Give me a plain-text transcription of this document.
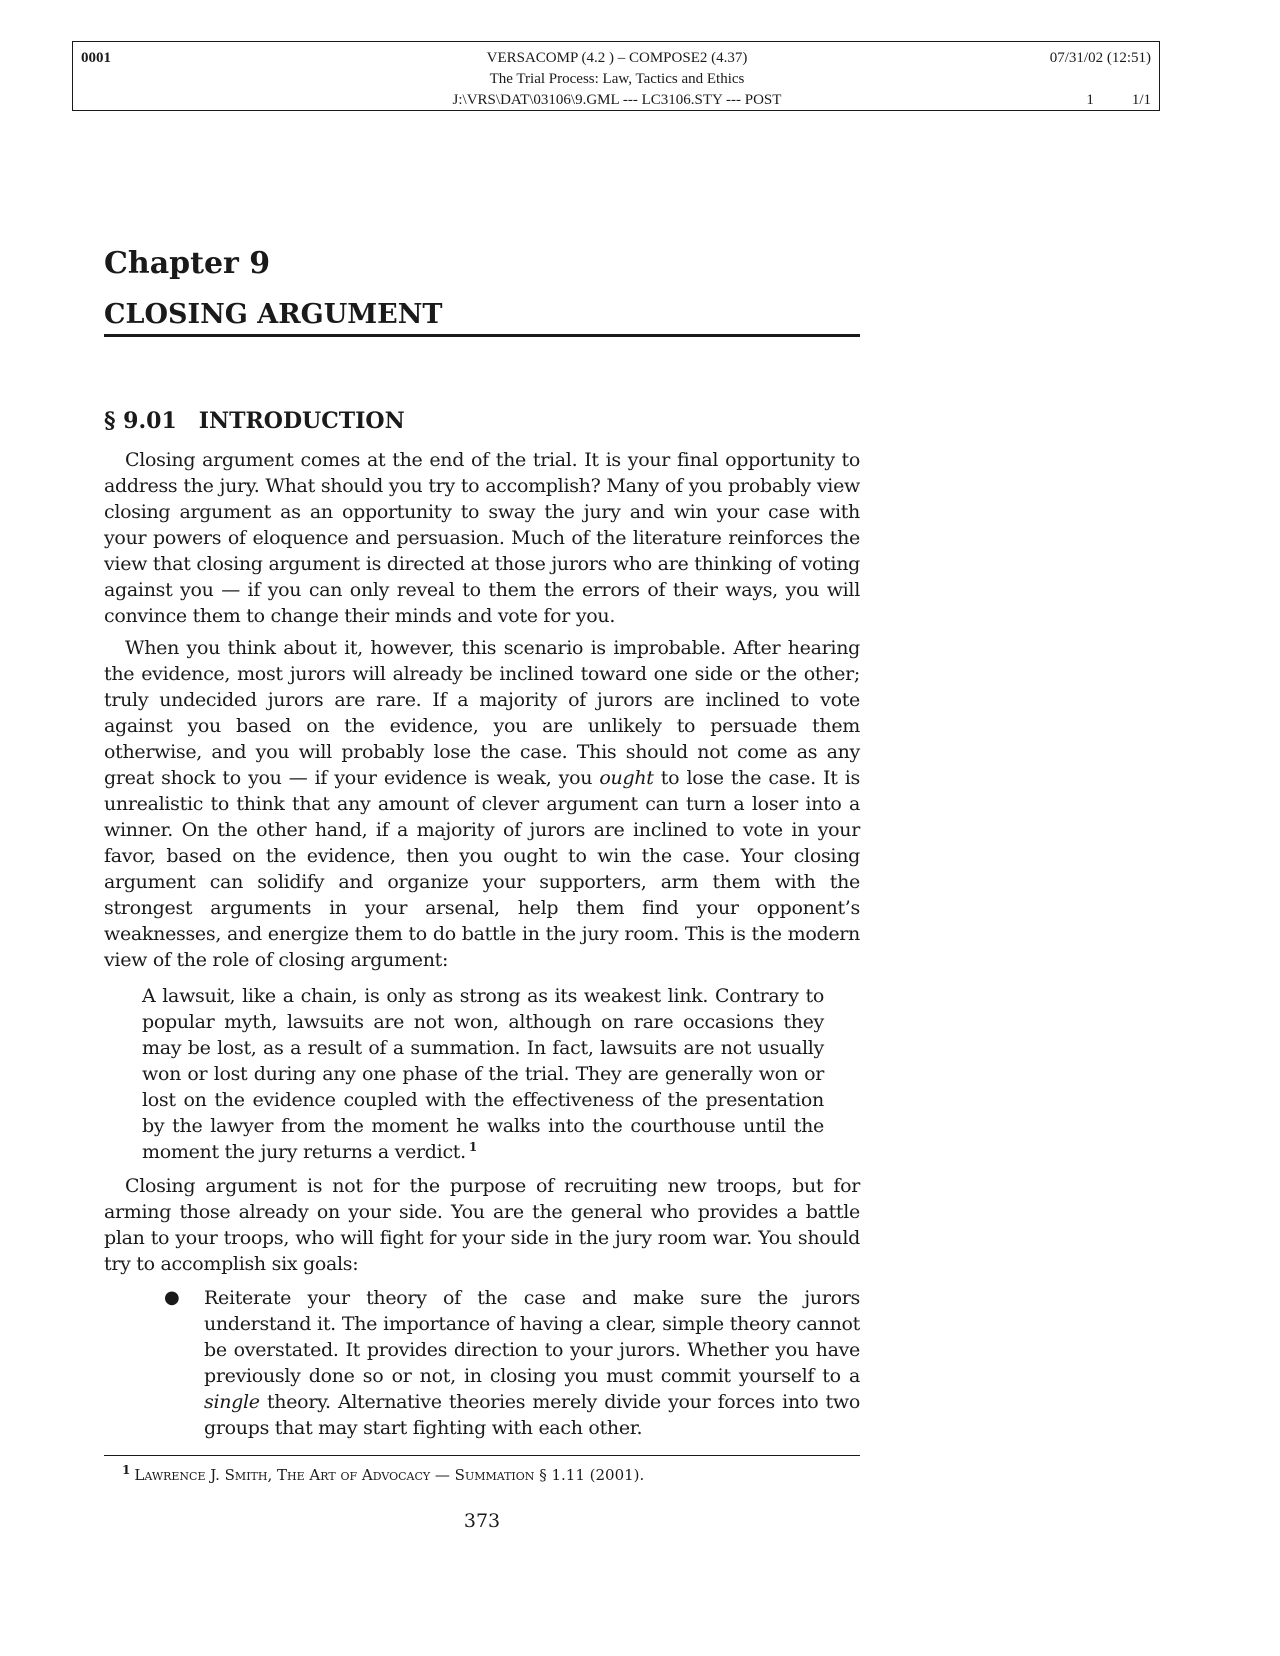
0001	VERSACOMP (4.2 ) – COMPOSE2 (4.37)
The Trial Process: Law, Tactics and Ethics
J:\VRS\DAT\03106\9.GML --- LC3106.STY --- POST
07/31/02 (12:51)
1	1/1
Chapter 9
CLOSING ARGUMENT
§ 9.01 INTRODUCTION

Closing argument comes at the end of the trial. It is your final opportunity to address the jury. What should you try to accomplish? Many of you probably view closing argument as an opportunity to sway the jury and win your case with your powers of eloquence and persuasion. Much of the literature reinforces the view that closing argument is directed at those jurors who are thinking of voting against you — if you can only reveal to them the errors of their ways, you will convince them to change their minds and vote for you.

When you think about it, however, this scenario is improbable. After hearing the evidence, most jurors will already be inclined toward one side or the other; truly undecided jurors are rare. If a majority of jurors are inclined to vote against you based on the evidence, you are unlikely to persuade them otherwise, and you will probably lose the case. This should not come as any great shock to you — if your evidence is weak, you ought to lose the case. It is unrealistic to think that any amount of clever argument can turn a loser into a winner. On the other hand, if a majority of jurors are inclined to vote in your favor, based on the evidence, then you ought to win the case. Your closing argument can solidify and organize your supporters, arm them with the strongest arguments in your arsenal, help them find your opponent’s weaknesses, and energize them to do battle in the jury room. This is the modern view of the role of closing argument:

A lawsuit, like a chain, is only as strong as its weakest link. Contrary to popular myth, lawsuits are not won, although on rare occasions they may be lost, as a result of a summation. In fact, lawsuits are not usually won or lost during any one phase of the trial. They are generally won or lost on the evidence coupled with the effectiveness of the presentation by the lawyer from the moment he walks into the courthouse until the moment the jury returns a verdict. $^1$

Closing argument is not for the purpose of recruiting new troops, but for arming those already on your side. You are the general who provides a battle plan to your troops, who will fight for your side in the jury room war. You should try to accomplish six goals:

● Reiterate your theory of the case and make sure the jurors understand it. The importance of having a clear, simple theory cannot be overstated. It provides direction to your jurors. Whether you have previously done so or not, in closing you must commit yourself to a single theory. Alternative theories merely divide your forces into two groups that may start fighting with each other.
$^1$ Lawrence J. Smith, The Art of Advocacy — Summation § 1.11 (2001).
373
